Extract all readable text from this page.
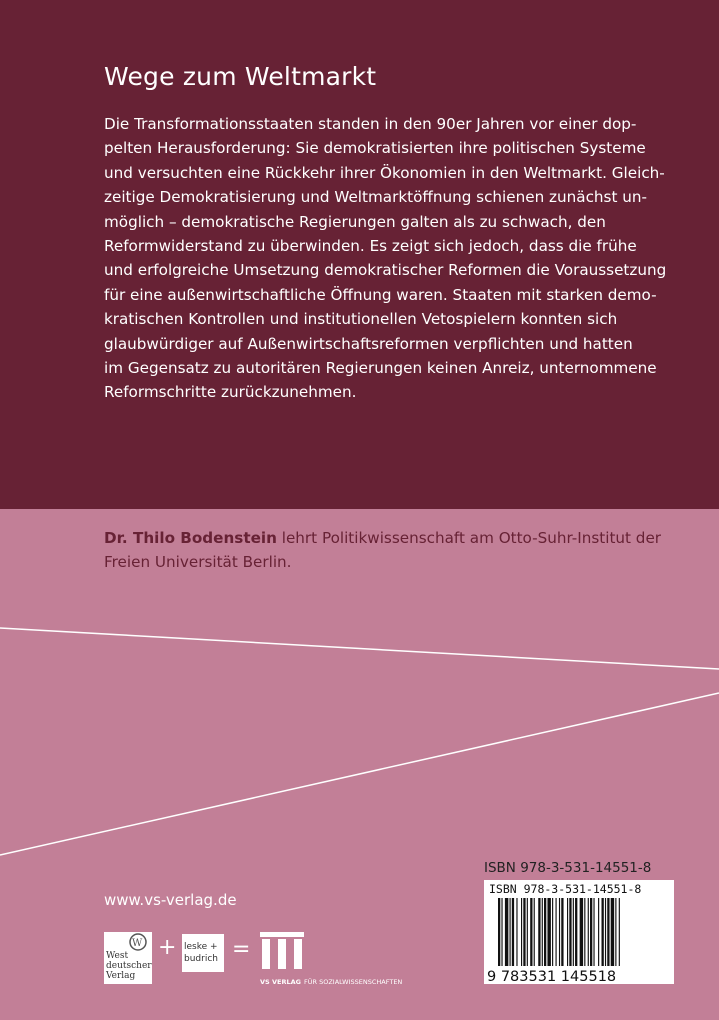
Wege zum Weltmarkt
Die Transformationsstaaten standen in den 90er Jahren vor einer dop-
pelten Herausforderung: Sie demokratisierten ihre politischen Systeme
und versuchten eine Rückkehr ihrer Ökonomien in den Weltmarkt. Gleich-
zeitige Demokratisierung und Weltmarktöffnung schienen zunächst un-
möglich – demokratische Regierungen galten als zu schwach, den
Reformwiderstand zu überwinden. Es zeigt sich jedoch, dass die frühe
und erfolgreiche Umsetzung demokratischer Reformen die Voraussetzung
für eine außenwirtschaftliche Öffnung waren. Staaten mit starken demo-
kratischen Kontrollen und institutionellen Vetospielern konnten sich
glaubwürdiger auf Außenwirtschaftsreformen verpflichten und hatten
im Gegensatz zu autoritären Regierungen keinen Anreiz, unternommene
Reformschritte zurückzunehmen.
Dr. Thilo Bodenstein lehrt Politikwissenschaft am Otto-Suhr-Institut der
Freien Universität Berlin.
ISBN 978-3-531-14551-8
ISBN 978-3-531-14551-8
9 783531 145518
www.vs-verlag.de
W
West
deutscher
Verlag
+ leske +
budrich =
VS VERLAG FÜR SOZIALWISSENSCHAFTEN
